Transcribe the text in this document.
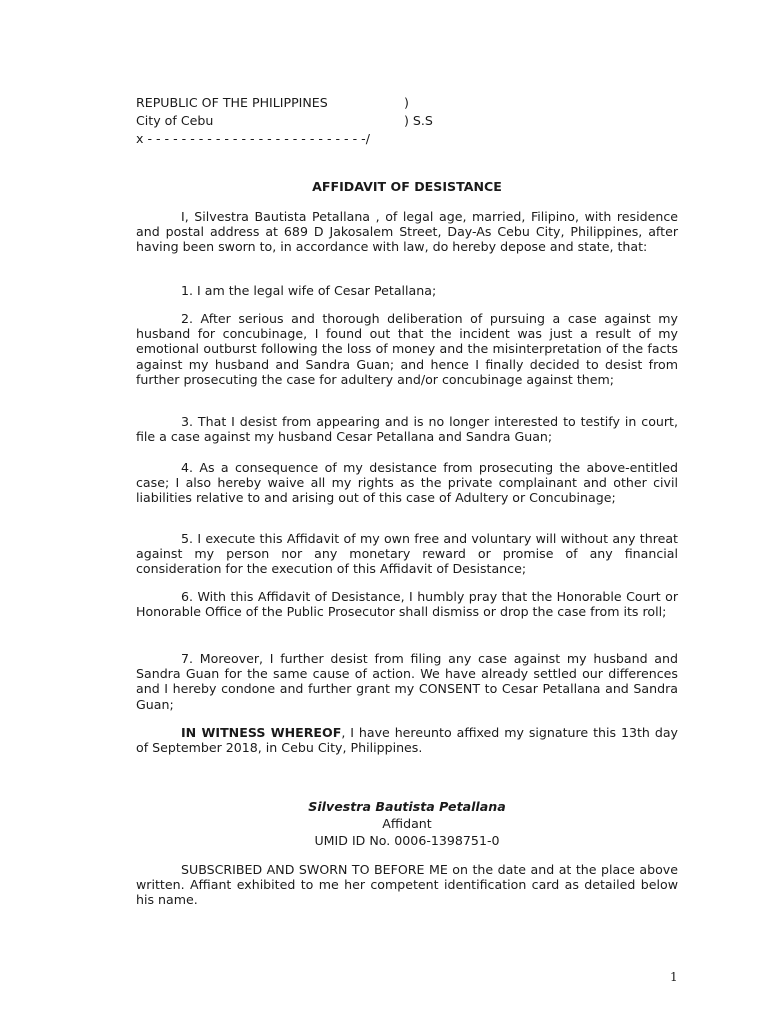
REPUBLIC OF THE PHILIPPINES	)
City of Cebu	) S.S
x - - - - - - - - - - - - - - - - - - - - - - - - - -/
AFFIDAVIT OF DESISTANCE

I, Silvestra Bautista Petallana , of legal age, married, Filipino, with residence and postal address at 689 D Jakosalem Street, Day-As Cebu City, Philippines, after having been sworn to, in accordance with law, do hereby depose and state, that:

1. I am the legal wife of Cesar Petallana;

2. After serious and thorough deliberation of pursuing a case against my husband for concubinage, I found out that the incident was just a result of my emotional outburst following the loss of money and the misinterpretation of the facts against my husband and Sandra Guan; and hence I finally decided to desist from further prosecuting the case for adultery and/or concubinage against them;

3. That I desist from appearing and is no longer interested to testify in court, file a case against my husband Cesar Petallana and Sandra Guan;

4. As a consequence of my desistance from prosecuting the above-entitled case; I also hereby waive all my rights as the private complainant and other civil liabilities relative to and arising out of this case of Adultery or Concubinage;

5. I execute this Affidavit of my own free and voluntary will without any threat against my person nor any monetary reward or promise of any financial consideration for the execution of this Affidavit of Desistance;

6. With this Affidavit of Desistance, I humbly pray that the Honorable Court or Honorable Office of the Public Prosecutor shall dismiss or drop the case from its roll;

7. Moreover, I further desist from filing any case against my husband and Sandra Guan for the same cause of action. We have already settled our differences and I hereby condone and further grant my CONSENT to Cesar Petallana and Sandra Guan;

IN WITNESS WHEREOF, I have hereunto affixed my signature this 13th day of September 2018, in Cebu City, Philippines.

Silvestra Bautista Petallana
Affidant
UMID ID No. 0006-1398751-0

SUBSCRIBED AND SWORN TO BEFORE ME on the date and at the place above written. Affiant exhibited to me her competent identification card as detailed below his name.

1
